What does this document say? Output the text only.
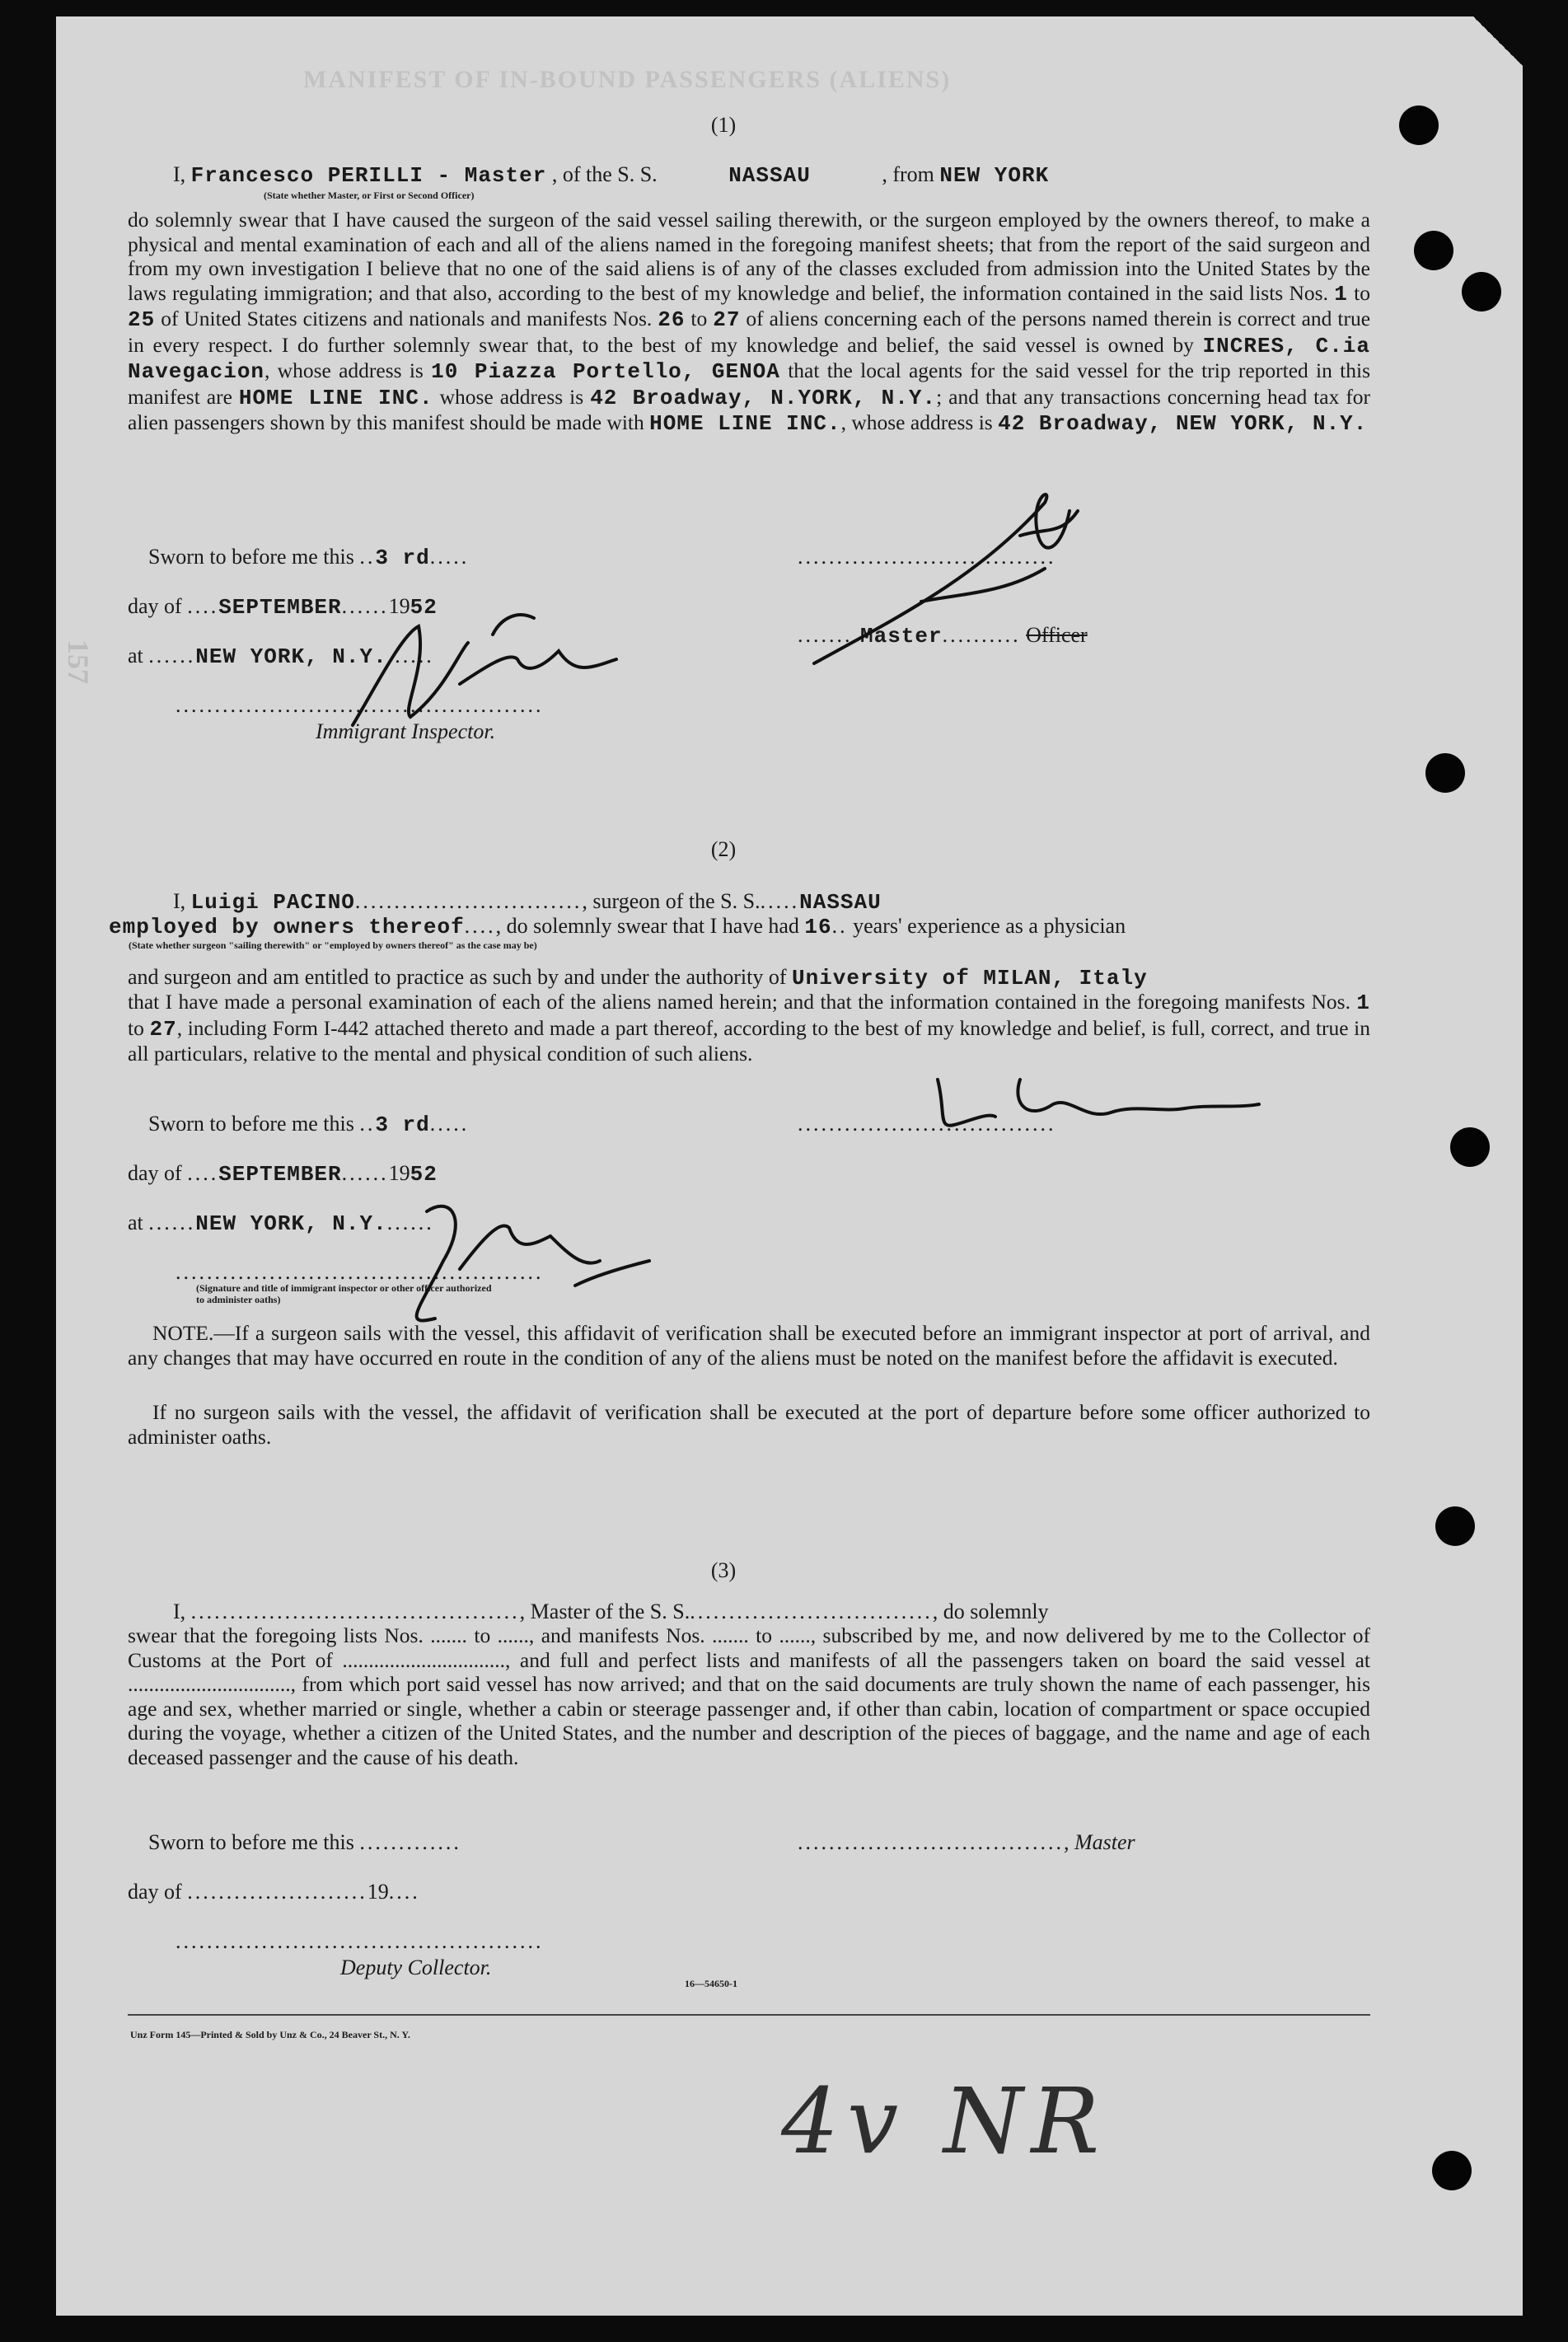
MANIFEST OF IN-BOUND PASSENGERS (ALIENS)
157
(1)
I, Francesco PERILLI - Master , of the S. S.	NASSAU	, from NEW YORK
(State whether Master, or First or Second Officer)
do solemnly swear that I have caused the surgeon of the said vessel sailing therewith, or the surgeon employed by the owners thereof, to make a physical and mental examination of each and all of the aliens named in the foregoing manifest sheets; that from the report of the said surgeon and from my own investigation I believe that no one of the said aliens is of any of the classes excluded from admission into the United States by the laws regulating immigration; and that also, according to the best of my knowledge and belief, the information contained in the said lists Nos. 1 to 25 of United States citizens and nationals and manifests Nos. 26 to 27 of aliens concerning each of the persons named therein is correct and true in every respect. I do further solemnly swear that, to the best of my knowledge and belief, the said vessel is owned by INCRES, C.ia Navegacion, whose address is 10 Piazza Portello, GENOA that the local agents for the said vessel for the trip reported in this manifest are HOME LINE INC. whose address is 42 Broadway, N.YORK, N.Y.; and that any transactions concerning head tax for alien passengers shown by this manifest should be made with HOME LINE INC., whose address is 42 Broadway, NEW YORK, N.Y.
Sworn to before me this ..3 rd.....	.................................
day of ....SEPTEMBER......1952
at ......NEW YORK, N.Y.......
........Master.......... Officer
...............................................
Immigrant Inspector.
(2)
I, Luigi PACINO............................., surgeon of the S. S......NASSAU
employed by owners thereof...., do solemnly swear that I have had 16.. years' experience as a physician
(State whether surgeon "sailing therewith" or "employed by owners thereof" as the case may be)
and surgeon and am entitled to practice as such by and under the authority of University of MILAN, Italy
that I have made a personal examination of each of the aliens named herein; and that the information contained in the foregoing manifests Nos. 1 to 27, including Form I-442 attached thereto and made a part thereof, according to the best of my knowledge and belief, is full, correct, and true in all particulars, relative to the mental and physical condition of such aliens.
Sworn to before me this ..3 rd.....	.................................
day of ....SEPTEMBER......1952
at ......NEW YORK, N.Y.......
...............................................
(Signature and title of immigrant inspector or other officer authorized to administer oaths)
NOTE.—If a surgeon sails with the vessel, this affidavit of verification shall be executed before an immigrant inspector at port of arrival, and any changes that may have occurred en route in the condition of any of the aliens must be noted on the manifest before the affidavit is executed.
If no surgeon sails with the vessel, the affidavit of verification shall be executed at the port of departure before some officer authorized to administer oaths.
(3)
I, .........................................., Master of the S. S................................, do solemnly
swear that the foregoing lists Nos. ....... to ......, and manifests Nos. ....... to ......, subscribed by me, and now delivered by me to the Collector of Customs at the Port of ..............................., and full and perfect lists and manifests of all the passengers taken on board the said vessel at ..............................., from which port said vessel has now arrived; and that on the said documents are truly shown the name of each passenger, his age and sex, whether married or single, whether a cabin or steerage passenger and, if other than cabin, location of compartment or space occupied during the voyage, whether a citizen of the United States, and the number and description of the pieces of baggage, and the name and age of each deceased passenger and the cause of his death.
Sworn to before me this .............	.................................., Master
day of .......................19....
...............................................
Deputy Collector.
16—54650-1
Unz Form 145—Printed & Sold by Unz & Co., 24 Beaver St., N. Y.
4v NR
